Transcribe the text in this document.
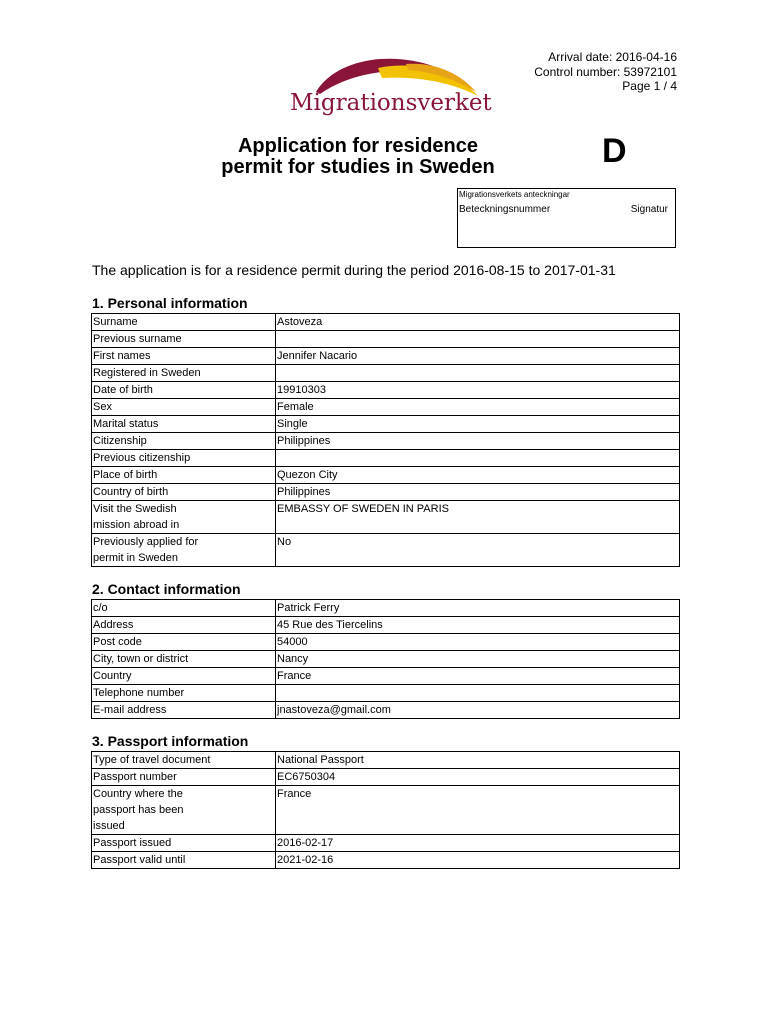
Arrival date: 2016-04-16
Control number: 53972101
Page 1 / 4
Migrationsverket
Application for residence
permit for studies in Sweden	D
Migrationsverkets anteckningar
Beteckningsnummer	Signatur
The application is for a residence permit during the period 2016-08-15 to 2017-01-31
1. Personal information
Surname	Astoveza
Previous surname	
First names	Jennifer Nacario
Registered in Sweden	
Date of birth	19910303
Sex	Female
Marital status	Single
Citizenship	Philippines
Previous citizenship	
Place of birth	Quezon City
Country of birth	Philippines
Visit the Swedish
mission abroad in	EMBASSY OF SWEDEN IN PARIS
Previously applied for
permit in Sweden	No
2. Contact information
c/o	Patrick Ferry
Address	45 Rue des Tiercelins
Post code	54000
City, town or district	Nancy
Country	France
Telephone number	
E-mail address	jnastoveza@gmail.com
3. Passport information
Type of travel document	National Passport
Passport number	EC6750304
Country where the
passport has been
issued	France
Passport issued	2016-02-17
Passport valid until	2021-02-16
